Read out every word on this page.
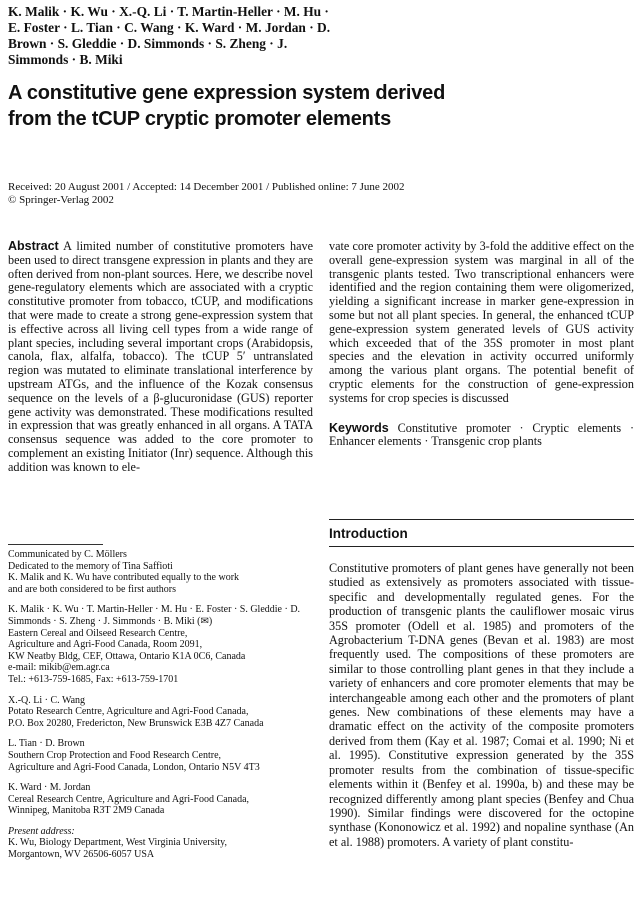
K. Malik · K. Wu · X.-Q. Li · T. Martin-Heller · M. Hu · E. Foster · L. Tian · C. Wang · K. Ward · M. Jordan · D. Brown · S. Gleddie · D. Simmonds · S. Zheng · J. Simmonds · B. Miki
A constitutive gene expression system derived
from the tCUP cryptic promoter elements
Received: 20 August 2001 / Accepted: 14 December 2001 / Published online: 7 June 2002
© Springer-Verlag 2002

Abstract A limited number of constitutive promoters have been used to direct transgene expression in plants and they are often derived from non-plant sources. Here, we describe novel gene-regulatory elements which are associated with a cryptic constitutive promoter from tobacco, tCUP, and modifications that were made to create a strong gene-expression system that is effective across all living cell types from a wide range of plant species, including several important crops (Arabidopsis, canola, flax, alfalfa, tobacco). The tCUP 5′ untranslated region was mutated to eliminate translational interference by upstream ATGs, and the influence of the Kozak consensus sequence on the levels of a β-glucuronidase (GUS) reporter gene activity was demonstrated. These modifications resulted in expression that was greatly enhanced in all organs. A TATA consensus sequence was added to the core promoter to complement an existing Initiator (Inr) sequence. Although this addition was known to ele-

vate core promoter activity by 3-fold the additive effect on the overall gene-expression system was marginal in all of the transgenic plants tested. Two transcriptional enhancers were identified and the region containing them were oligomerized, yielding a significant increase in marker gene-expression in some but not all plant species. In general, the enhanced tCUP gene-expression system generated levels of GUS activity which exceeded that of the 35S promoter in most plant species and the elevation in activity occurred uniformly among the various plant organs. The potential benefit of cryptic elements for the construction of gene-expression systems for crop species is discussed

Keywords Constitutive promoter · Cryptic elements · Enhancer elements · Transgenic crop plants

Introduction
Constitutive promoters of plant genes have generally not been studied as extensively as promoters associated with tissue-specific and developmentally regulated genes. For the production of transgenic plants the cauliflower mosaic virus 35S promoter (Odell et al. 1985) and promoters of the Agrobacterium T-DNA genes (Bevan et al. 1983) are most frequently used. The compositions of these promoters are similar to those controlling plant genes in that they include a variety of enhancers and core promoter elements that may be interchangeable among each other and the promoters of plant genes. New combinations of these elements may have a dramatic effect on the activity of the composite promoters derived from them (Kay et al. 1987; Comai et al. 1990; Ni et al. 1995). Constitutive expression generated by the 35S promoter results from the combination of tissue-specific elements within it (Benfey et al. 1990a, b) and these may be recognized differently among plant species (Benfey and Chua 1990). Similar findings were discovered for the octopine synthase (Kononowicz et al. 1992) and nopaline synthase (An et al. 1988) promoters. A variety of plant constitu-

Communicated by C. Möllers

Dedicated to the memory of Tina Saffioti

K. Malik and K. Wu have contributed equally to the work

and are both considered to be first authors

K. Malik · K. Wu · T. Martin-Heller · M. Hu · E. Foster · S. Gleddie · D. Simmonds · S. Zheng · J. Simmonds · B. Miki (✉)

Eastern Cereal and Oilseed Research Centre,

Agriculture and Agri-Food Canada, Room 2091,

KW Neatby Bldg, CEF, Ottawa, Ontario K1A 0C6, Canada

e-mail: mikib@em.agr.ca

Tel.: +613-759-1685, Fax: +613-759-1701

X.-Q. Li · C. Wang

Potato Research Centre, Agriculture and Agri-Food Canada,

P.O. Box 20280, Fredericton, New Brunswick E3B 4Z7 Canada

L. Tian · D. Brown

Southern Crop Protection and Food Research Centre,

Agriculture and Agri-Food Canada, London, Ontario N5V 4T3

K. Ward · M. Jordan

Cereal Research Centre, Agriculture and Agri-Food Canada,

Winnipeg, Manitoba R3T 2M9 Canada

Present address:

K. Wu, Biology Department, West Virginia University,

Morgantown, WV 26506-6057 USA
